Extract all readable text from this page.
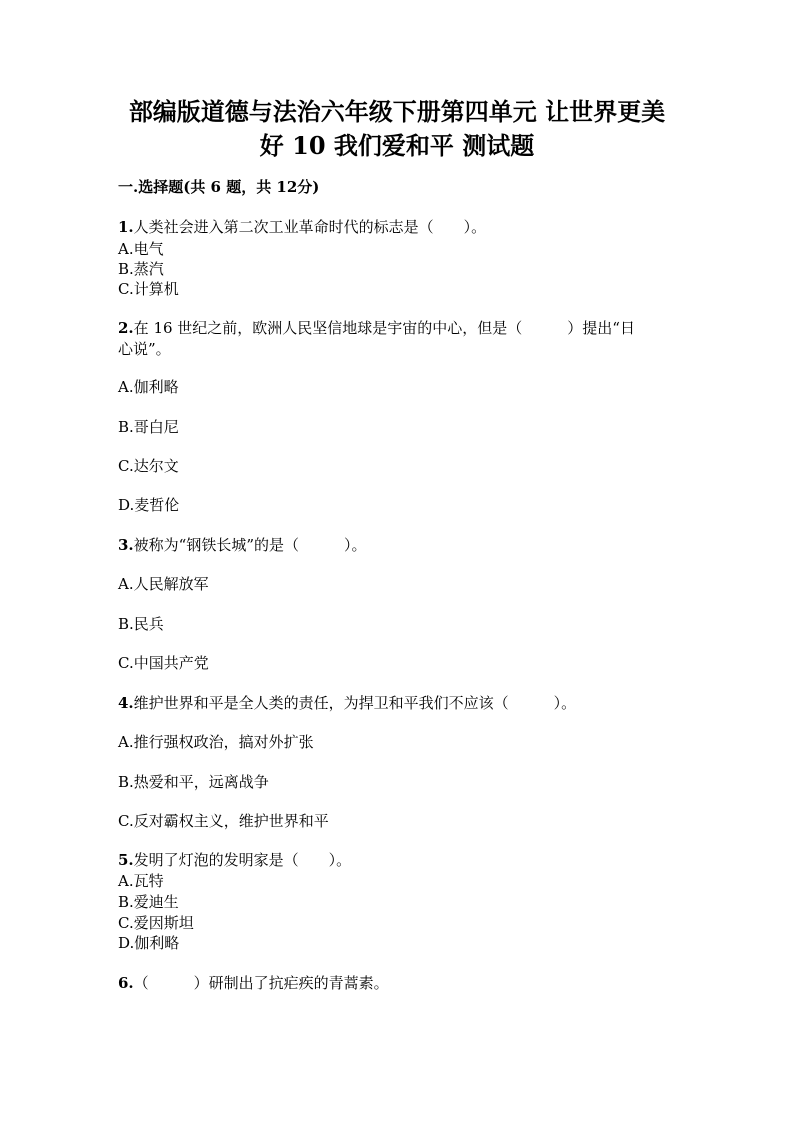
部编版道德与法治六年级下册第四单元 让世界更美
好 10 我们爱和平 测试题
一.选择题(共 6 题，共 12分)
1.人类社会进入第二次工业革命时代的标志是（　　）。
A.电气
B.蒸汽
C.计算机
2.在 16 世纪之前，欧洲人民坚信地球是宇宙的中心，但是（　　　）提出“日
心说”。
A.伽利略
B.哥白尼
C.达尔文
D.麦哲伦
3.被称为“钢铁长城”的是（　　　）。
A.人民解放军
B.民兵
C.中国共产党
4.维护世界和平是全人类的责任，为捍卫和平我们不应该（　　　）。
A.推行强权政治，搞对外扩张
B.热爱和平，远离战争
C.反对霸权主义，维护世界和平
5.发明了灯泡的发明家是（　　）。
A.瓦特
B.爱迪生
C.爱因斯坦
D.伽利略
6.（　　　）研制出了抗疟疾的青蒿素。
